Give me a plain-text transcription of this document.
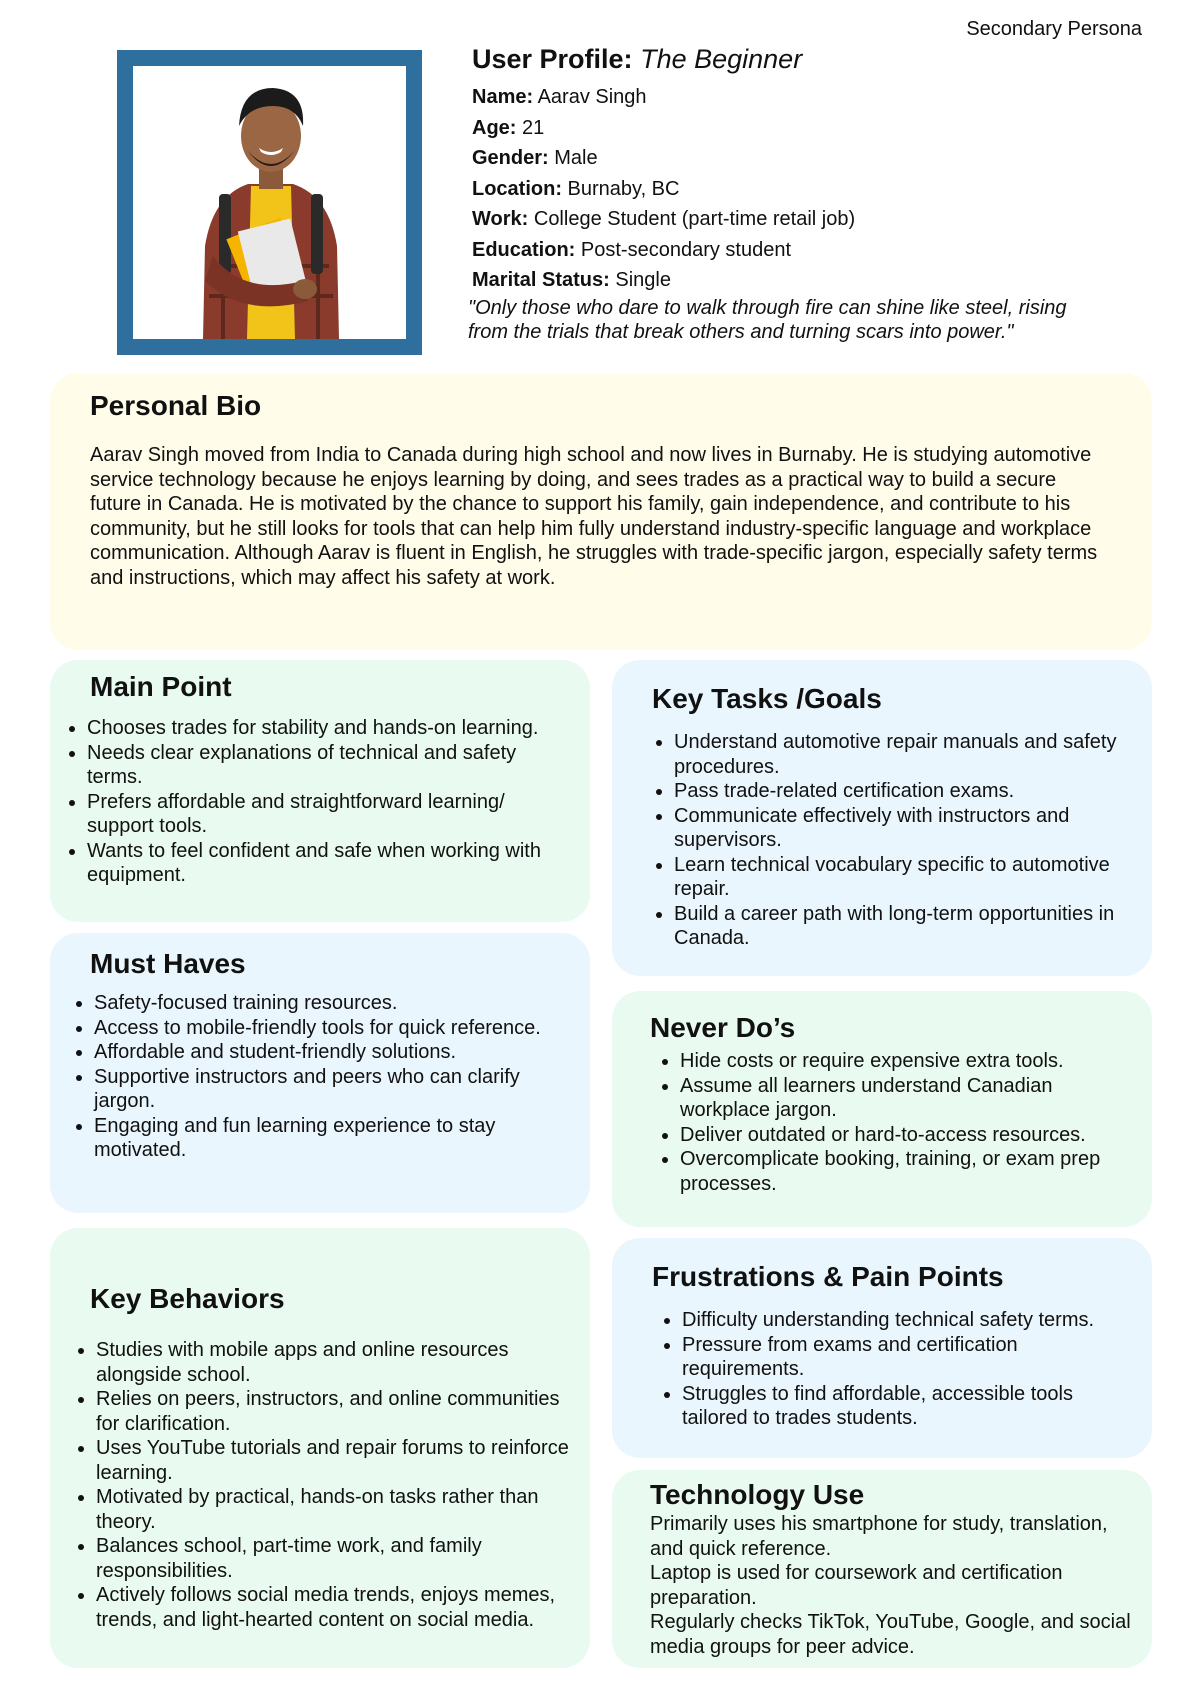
Secondary Persona
User Profile: The Beginner
Name: Aarav Singh
Age: 21
Gender: Male
Location: Burnaby, BC
Work: College Student (part-time retail job)
Education: Post-secondary student
Marital Status: Single
"Only those who dare to walk through fire can shine like steel, rising from the trials that break others and turning scars into power."
Personal Bio

Aarav Singh moved from India to Canada during high school and now lives in Burnaby. He is studying automotive service technology because he enjoys learning by doing, and sees trades as a practical way to build a secure future in Canada. He is motivated by the chance to support his family, gain independence, and contribute to his community, but he still looks for tools that can help him fully understand industry-specific language and workplace communication. Although Aarav is fluent in English, he struggles with trade-specific jargon, especially safety terms and instructions, which may affect his safety at work.

Main Point
• Chooses trades for stability and hands-on learning.
• Needs clear explanations of technical and safety terms.
• Prefers affordable and straightforward learning/ support tools.
• Wants to feel confident and safe when working with equipment.
Must Haves
• Safety-focused training resources.
• Access to mobile-friendly tools for quick reference.
• Affordable and student-friendly solutions.
• Supportive instructors and peers who can clarify jargon.
• Engaging and fun learning experience to stay motivated.
Key Behaviors
• Studies with mobile apps and online resources alongside school.
• Relies on peers, instructors, and online communities for clarification.
• Uses YouTube tutorials and repair forums to reinforce learning.
• Motivated by practical, hands-on tasks rather than theory.
• Balances school, part-time work, and family responsibilities.
• Actively follows social media trends, enjoys memes, trends, and light-hearted content on social media.
Key Tasks /Goals
• Understand automotive repair manuals and safety procedures.
• Pass trade-related certification exams.
• Communicate effectively with instructors and supervisors.
• Learn technical vocabulary specific to automotive repair.
• Build a career path with long-term opportunities in Canada.
Never Do’s
• Hide costs or require expensive extra tools.
• Assume all learners understand Canadian workplace jargon.
• Deliver outdated or hard-to-access resources.
• Overcomplicate booking, training, or exam prep processes.
Frustrations & Pain Points
• Difficulty understanding technical safety terms.
• Pressure from exams and certification requirements.
• Struggles to find affordable, accessible tools tailored to trades students.
Technology Use

Primarily uses his smartphone for study, translation, and quick reference.

Laptop is used for coursework and certification preparation.

Regularly checks TikTok, YouTube, Google, and social media groups for peer advice.
